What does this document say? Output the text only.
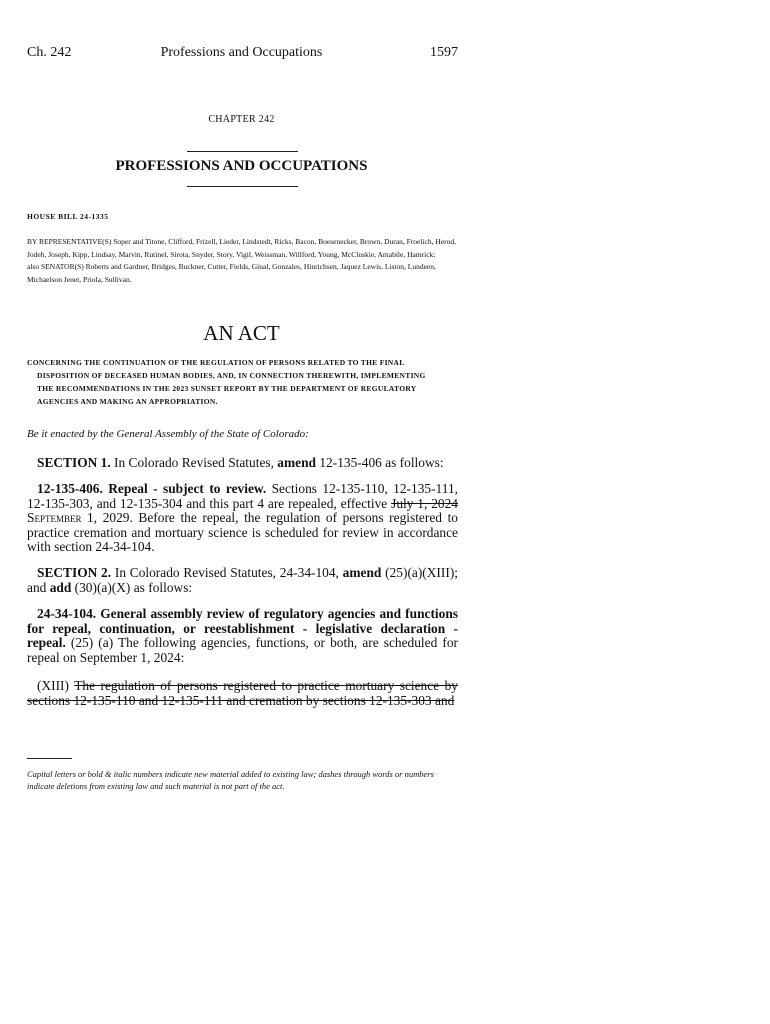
Ch. 242	Professions and Occupations	1597
CHAPTER 242
PROFESSIONS AND OCCUPATIONS
HOUSE BILL 24-1335
BY REPRESENTATIVE(S) Soper and Titone, Clifford, Frizell, Lieder, Lindstedt, Ricks, Bacon, Boesenecker, Brown, Duran, Froelich, Herod, Jodeh, Joseph, Kipp, Lindsay, Marvin, Rutinel, Sirota, Snyder, Story, Vigil, Weissman, Willford, Young, McCluskie, Amabile, Hamrick;
also SENATOR(S) Roberts and Gardner, Bridges, Buckner, Cutter, Fields, Ginal, Gonzales, Hinrichsen, Jaquez Lewis, Liston, Lundeen, Michaelson Jenet, Priola, Sullivan.
AN ACT

CONCERNING THE CONTINUATION OF THE REGULATION OF PERSONS RELATED TO THE FINAL

DISPOSITION OF DECEASED HUMAN BODIES, AND, IN CONNECTION THEREWITH, IMPLEMENTING

THE RECOMMENDATIONS IN THE 2023 SUNSET REPORT BY THE DEPARTMENT OF REGULATORY

AGENCIES AND MAKING AN APPROPRIATION.

Be it enacted by the General Assembly of the State of Colorado:

SECTION 1. In Colorado Revised Statutes, amend 12-135-406 as follows:

12-135-406. Repeal - subject to review. Sections 12-135-110, 12-135-111, 12-135-303, and 12-135-304 and this part 4 are repealed, effective July 1, 2024 September 1, 2029. Before the repeal, the regulation of persons registered to practice cremation and mortuary science is scheduled for review in accordance with section 24-34-104.

SECTION 2. In Colorado Revised Statutes, 24-34-104, amend (25)(a)(XIII); and add (30)(a)(X) as follows:

24-34-104. General assembly review of regulatory agencies and functions for repeal, continuation, or reestablishment - legislative declaration - repeal. (25) (a) The following agencies, functions, or both, are scheduled for repeal on September 1, 2024:

(XIII) The regulation of persons registered to practice mortuary science by sections 12-135-110 and 12-135-111 and cremation by sections 12-135-303 and

Capital letters or bold & italic numbers indicate new material added to existing law; dashes through words or numbers indicate deletions from existing law and such material is not part of the act.
